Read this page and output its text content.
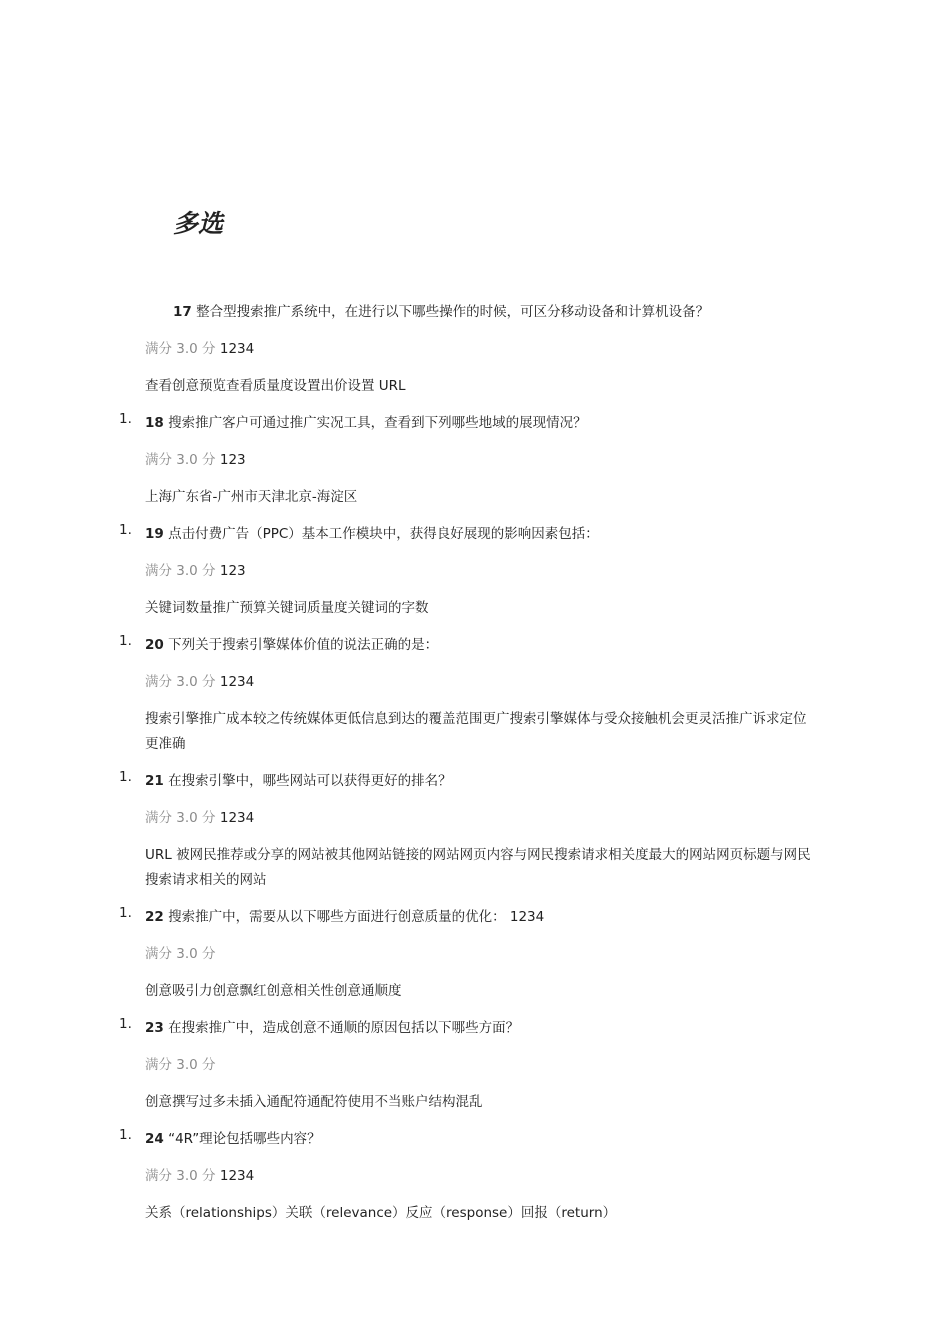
多选
17 整合型搜索推广系统中，在进行以下哪些操作的时候，可区分移动设备和计算机设备？
满分 3.0 分 1234
查看创意预览查看质量度设置出价设置 URL
1. 18 搜索推广客户可通过推广实况工具，查看到下列哪些地域的展现情况？
满分 3.0 分 123
上海广东省-广州市天津北京-海淀区
1. 19 点击付费广告（PPC）基本工作模块中，获得良好展现的影响因素包括：
满分 3.0 分 123
关键词数量推广预算关键词质量度关键词的字数
1. 20 下列关于搜索引擎媒体价值的说法正确的是：
满分 3.0 分 1234
搜索引擎推广成本较之传统媒体更低信息到达的覆盖范围更广搜索引擎媒体与受众接触机会更灵活推广诉求定位更准确
1. 21 在搜索引擎中，哪些网站可以获得更好的排名？
满分 3.0 分 1234
URL 被网民推荐或分享的网站被其他网站链接的网站网页内容与网民搜索请求相关度最大的网站网页标题与网民搜索请求相关的网站
1. 22 搜索推广中，需要从以下哪些方面进行创意质量的优化： 1234
满分 3.0 分
创意吸引力创意飘红创意相关性创意通顺度
1. 23 在搜索推广中，造成创意不通顺的原因包括以下哪些方面？
满分 3.0 分
创意撰写过多未插入通配符通配符使用不当账户结构混乱
1. 24 “4R”理论包括哪些内容？
满分 3.0 分 1234
关系（relationships）关联（relevance）反应（response）回报（return）
